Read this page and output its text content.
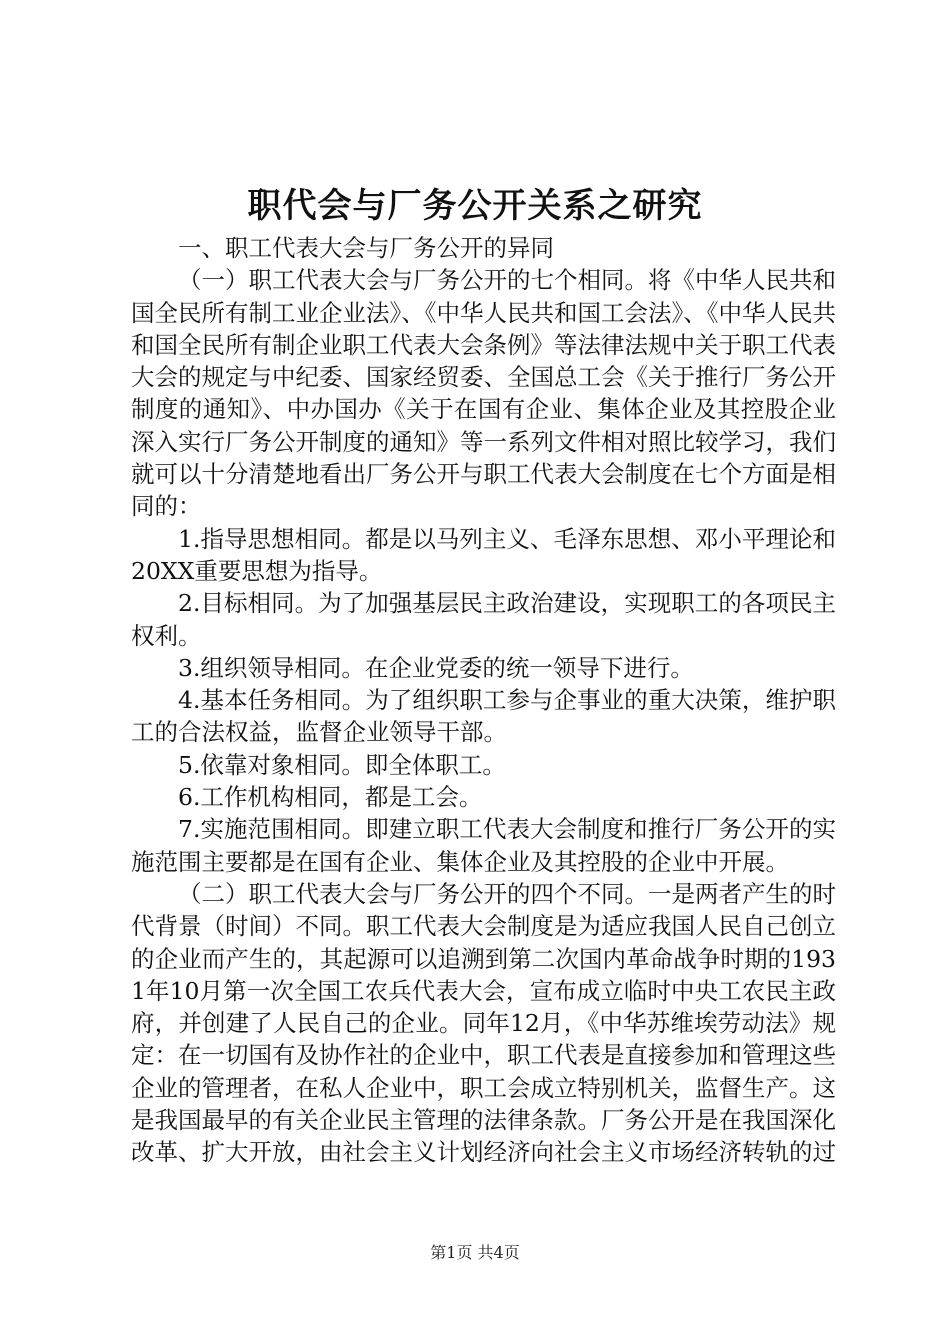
职代会与厂务公开关系之研究

一、职工代表大会与厂务公开的异同

（一）职工代表大会与厂务公开的七个相同。将《中华人民共和国全民所有制工业企业法》、《中华人民共和国工会法》、《中华人民共和国全民所有制企业职工代表大会条例》等法律法规中关于职工代表大会的规定与中纪委、国家经贸委、全国总工会《关于推行厂务公开制度的通知》、中办国办《关于在国有企业、集体企业及其控股企业深入实行厂务公开制度的通知》等一系列文件相对照比较学习，我们就可以十分清楚地看出厂务公开与职工代表大会制度在七个方面是相同的：

1.指导思想相同。都是以马列主义、毛泽东思想、邓小平理论和20XX重要思想为指导。

2.目标相同。为了加强基层民主政治建设，实现职工的各项民主权利。

3.组织领导相同。在企业党委的统一领导下进行。

4.基本任务相同。为了组织职工参与企事业的重大决策，维护职工的合法权益，监督企业领导干部。

5.依靠对象相同。即全体职工。

6.工作机构相同，都是工会。

7.实施范围相同。即建立职工代表大会制度和推行厂务公开的实施范围主要都是在国有企业、集体企业及其控股的企业中开展。

（二）职工代表大会与厂务公开的四个不同。一是两者产生的时代背景（时间）不同。职工代表大会制度是为适应我国人民自己创立的企业而产生的，其起源可以追溯到第二次国内革命战争时期的1931年10月第一次全国工农兵代表大会，宣布成立临时中央工农民主政府，并创建了人民自己的企业。同年12月，《中华苏维埃劳动法》规定：在一切国有及协作社的企业中，职工代表是直接参加和管理这些企业的管理者，在私人企业中，职工会成立特别机关，监督生产。这是我国最早的有关企业民主管理的法律条款。厂务公开是在我国深化改革、扩大开放，由社会主义计划经济向社会主义市场经济转轨的过

第1页 共4页
